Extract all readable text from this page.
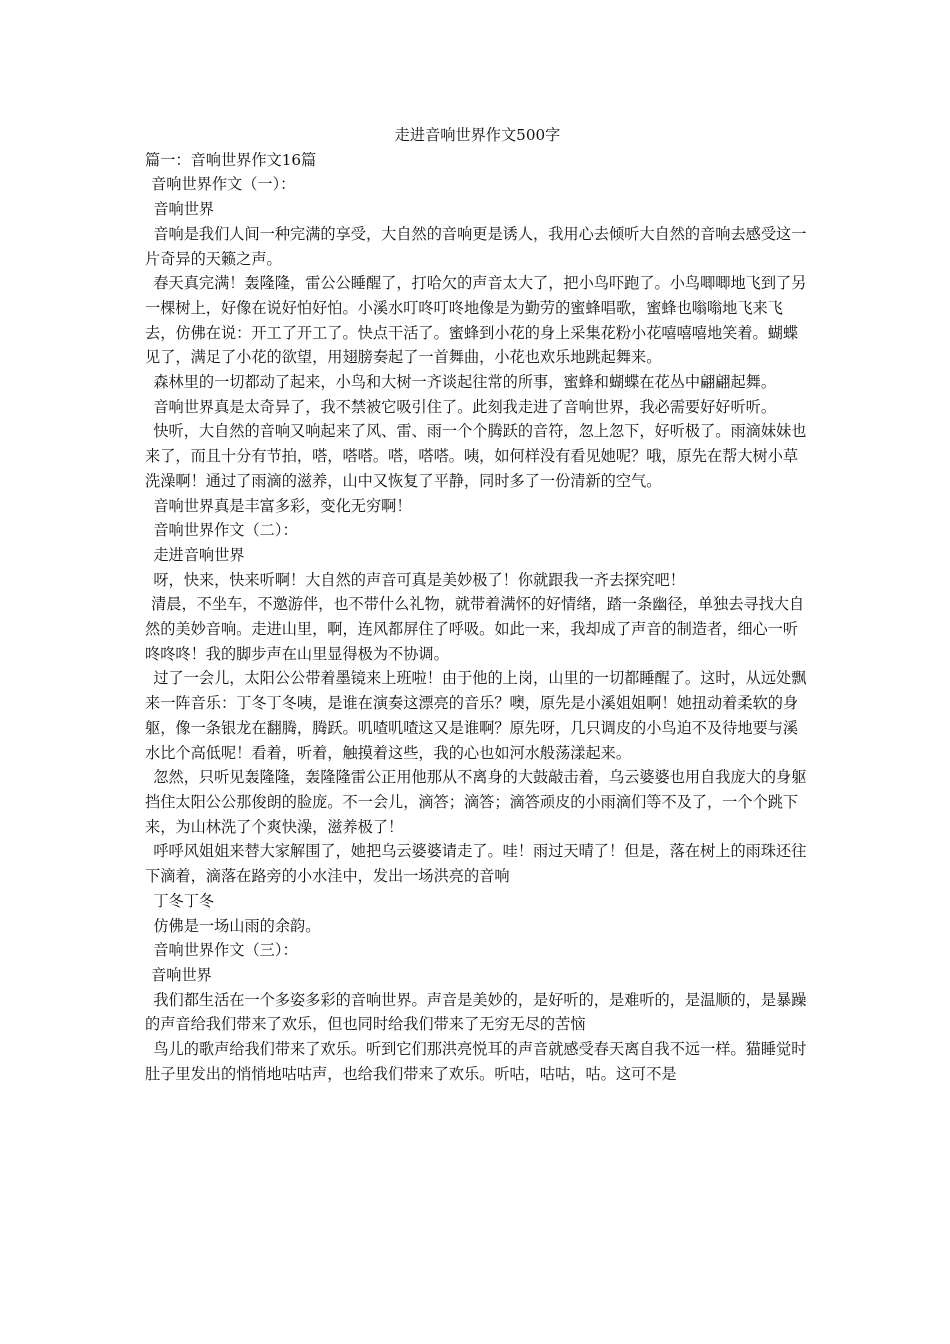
走进音响世界作文500字
篇一：音响世界作文16篇
音响世界作文（一）：
音响世界
音响是我们人间一种完满的享受，大自然的音响更是诱人，我用心去倾听大自然的音响去感受这一片奇异的天籁之声。
春天真完满！轰隆隆，雷公公睡醒了，打哈欠的声音太大了，把小鸟吓跑了。小鸟唧唧地飞到了另一棵树上，好像在说好怕好怕。小溪水叮咚叮咚地像是为勤劳的蜜蜂唱歌，蜜蜂也嗡嗡地飞来飞去，仿佛在说：开工了开工了。快点干活了。蜜蜂到小花的身上采集花粉小花嘻嘻嘻地笑着。蝴蝶见了，满足了小花的欲望，用翅膀奏起了一首舞曲，小花也欢乐地跳起舞来。
森林里的一切都动了起来，小鸟和大树一齐谈起往常的所事，蜜蜂和蝴蝶在花丛中翩翩起舞。
音响世界真是太奇异了，我不禁被它吸引住了。此刻我走进了音响世界，我必需要好好听听。
快听，大自然的音响又响起来了风、雷、雨一个个腾跃的音符，忽上忽下，好听极了。雨滴妹妹也来了，而且十分有节拍，嗒，嗒嗒。嗒，嗒嗒。咦，如何样没有看见她呢？哦，原先在帮大树小草洗澡啊！通过了雨滴的滋养，山中又恢复了平静，同时多了一份清新的空气。
音响世界真是丰富多彩，变化无穷啊！
音响世界作文（二）：
走进音响世界
呀，快来，快来听啊！大自然的声音可真是美妙极了！你就跟我一齐去探究吧！
清晨，不坐车，不邀游伴，也不带什么礼物，就带着满怀的好情绪，踏一条幽径，单独去寻找大自然的美妙音响。走进山里，啊，连风都屏住了呼吸。如此一来，我却成了声音的制造者，细心一听咚咚咚！我的脚步声在山里显得极为不协调。
过了一会儿，太阳公公带着墨镜来上班啦！由于他的上岗，山里的一切都睡醒了。这时，从远处飘来一阵音乐：丁冬丁冬咦，是谁在演奏这漂亮的音乐？噢，原先是小溪姐姐啊！她扭动着柔软的身躯，像一条银龙在翻腾，腾跃。叽喳叽喳这又是谁啊？原先呀，几只调皮的小鸟迫不及待地要与溪水比个高低呢！看着，听着，触摸着这些，我的心也如河水般荡漾起来。
忽然，只听见轰隆隆，轰隆隆雷公正用他那从不离身的大鼓敲击着，乌云婆婆也用自我庞大的身躯挡住太阳公公那俊朗的脸庞。不一会儿，滴答；滴答；滴答顽皮的小雨滴们等不及了，一个个跳下来，为山林洗了个爽快澡，滋养极了！
呼呼风姐姐来替大家解围了，她把乌云婆婆请走了。哇！雨过天晴了！但是，落在树上的雨珠还往下滴着，滴落在路旁的小水洼中，发出一场洪亮的音响
丁冬丁冬
仿佛是一场山雨的余韵。
音响世界作文（三）：
音响世界
我们都生活在一个多姿多彩的音响世界。声音是美妙的，是好听的，是难听的，是温顺的，是暴躁的声音给我们带来了欢乐，但也同时给我们带来了无穷无尽的苦恼
鸟儿的歌声给我们带来了欢乐。听到它们那洪亮悦耳的声音就感受春天离自我不远一样。猫睡觉时肚子里发出的悄悄地咕咕声，也给我们带来了欢乐。听咕，咕咕，咕。这可不是
